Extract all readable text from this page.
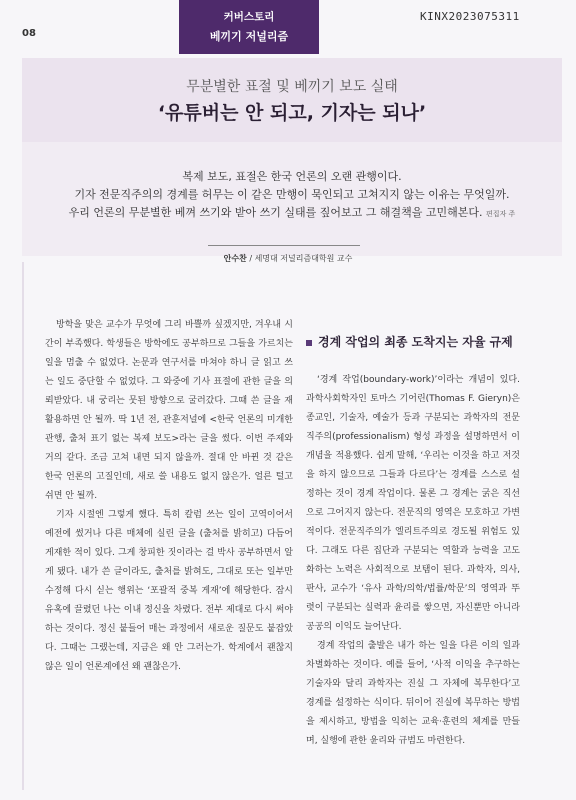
08
커버스토리
베끼기 저널리즘
KINX2023075311
무분별한 표절 및 베끼기 보도 실태
‘유튜버는 안 되고, 기자는 되나’
복제 보도, 표절은 한국 언론의 오랜 관행이다.
기자 전문직주의의 경계를 허무는 이 같은 만행이 묵인되고 고쳐지지 않는 이유는 무엇일까.
우리 언론의 무분별한 베껴 쓰기와 받아 쓰기 실태를 짚어보고 그 해결책을 고민해본다. 편집자 주
안수찬 / 세명대 저널리즘대학원 교수

방학을 맞은 교수가 무엇에 그리 바쁠까 싶겠지만, 겨우내 시간이 부족했다. 학생들은 방학에도 공부하므로 그들을 가르치는 일을 멈출 수 없었다. 논문과 연구서를 마쳐야 하니 글 읽고 쓰는 일도 중단할 수 없었다. 그 와중에 기사 표절에 관한 글을 의뢰받았다. 내 궁리는 뭇된 방향으로 굴러갔다. 그때 쓴 글을 재활용하면 안 될까. 딱 1년 전, 관훈저널에 <한국 언론의 미개한 관행, 출처 표기 없는 복제 보도>라는 글을 썼다. 이번 주제와 거의 같다. 조금 고쳐 내면 되지 않을까. 절대 안 바뀐 것 같은 한국 언론의 고질인데, 새로 쓸 내용도 없지 않은가. 얼른 털고 쉬면 안 될까.

기자 시절엔 그렇게 했다. 특히 칼럼 쓰는 일이 고역이어서 예전에 썼거나 다른 매체에 실린 글을 (출처를 밝히고) 다듬어 게재한 적이 있다. 그게 창피한 짓이라는 걸 박사 공부하면서 알게 됐다. 내가 쓴 글이라도, 출처를 밝혀도, 그대로 또는 일부만 수정해 다시 싣는 행위는 ‘포괄적 중복 게재’에 해당한다. 잠시 유혹에 끌렸던 나는 이내 정신을 차렸다. 전부 제대로 다시 써야 하는 것이다. 정신 붙들어 매는 과정에서 새로운 질문도 붙잡았다. 그때는 그랬는데, 지금은 왜 안 그러는가. 학계에서 괜찮지 않은 일이 언론계에선 왜 괜찮은가.

경계 작업의 최종 도착지는 자율 규제

‘경계 작업(boundary-work)’이라는 개념이 있다. 과학사회학자인 토마스 기어린(Thomas F. Gieryn)은 종교인, 기술자, 예술가 등과 구분되는 과학자의 전문직주의(professionalism) 형성 과정을 설명하면서 이 개념을 적용했다. 쉽게 말해, ‘우리는 이것을 하고 저것을 하지 않으므로 그들과 다르다’는 경계를 스스로 설정하는 것이 경계 작업이다. 물론 그 경계는 굵은 직선으로 그어지지 않는다. 전문직의 영역은 모호하고 가변적이다. 전문직주의가 엘리트주의로 경도될 위험도 있다. 그래도 다른 집단과 구분되는 역할과 능력을 고도화하는 노력은 사회적으로 보탬이 된다. 과학자, 의사, 판사, 교수가 ‘유사 과학/의학/법률/학문’의 영역과 뚜렷이 구분되는 실력과 윤리를 쌓으면, 자신뿐만 아니라 공공의 이익도 늘어난다.

경계 작업의 출발은 내가 하는 일을 다른 이의 일과 차별화하는 것이다. 예를 들어, ‘사적 이익을 추구하는 기술자와 달리 과학자는 진실 그 자체에 복무한다’고 경계를 설정하는 식이다. 뒤이어 진실에 복무하는 방법을 제시하고, 방법을 익히는 교육·훈련의 체계를 만들며, 실행에 관한 윤리와 규범도 마련한다.
